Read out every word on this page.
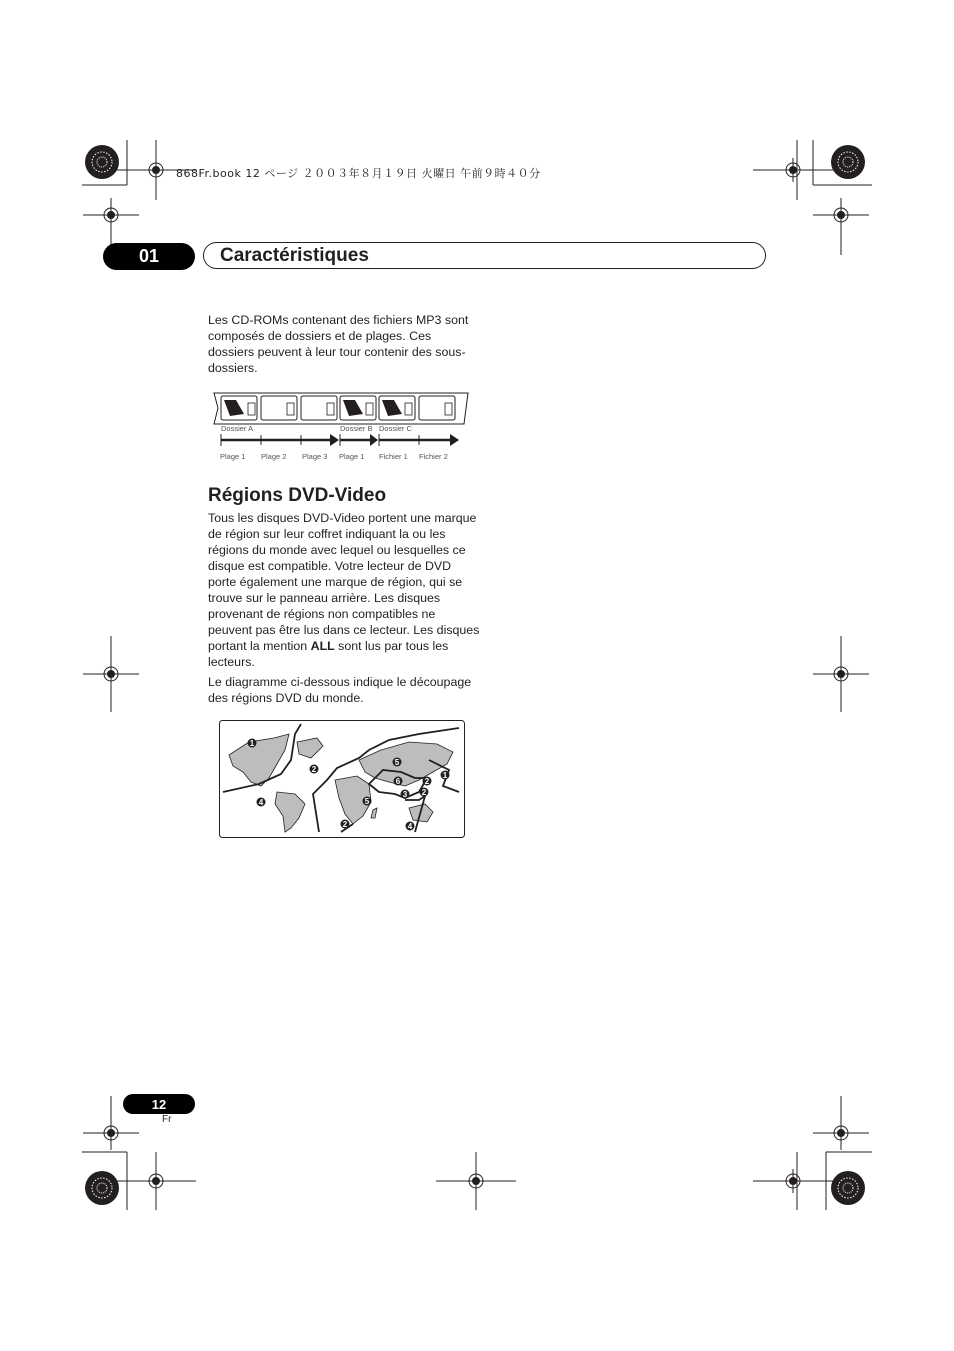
868Fr.book 12 ページ ２００３年８月１９日 火曜日 午前９時４０分
01	Caractéristiques

Les CD-ROMs contenant des fichiers MP3 sont composés de dossiers et de plages. Ces dossiers peuvent à leur tour contenir des sous-dossiers.

Dossier A	Dossier B Dossier C
Plage 1 Plage 2 Plage 3 Plage 1 Fichier 1 Fichier 2
Régions DVD-Video

Tous les disques DVD-Video portent une marque de région sur leur coffret indiquant la ou les régions du monde avec lequel ou lesquelles ce disque est compatible. Votre lecteur de DVD porte également une marque de région, qui se trouve sur le panneau arrière. Les disques provenant de régions non compatibles ne peuvent pas être lus dans ce lecteur. Les disques portant la mention ALL sont lus par tous les lecteurs.

Le diagramme ci-dessous indique le découpage des régions DVD du monde.

1
2
4
2
5
5
6	2
1
3 2
4
12
Fr
